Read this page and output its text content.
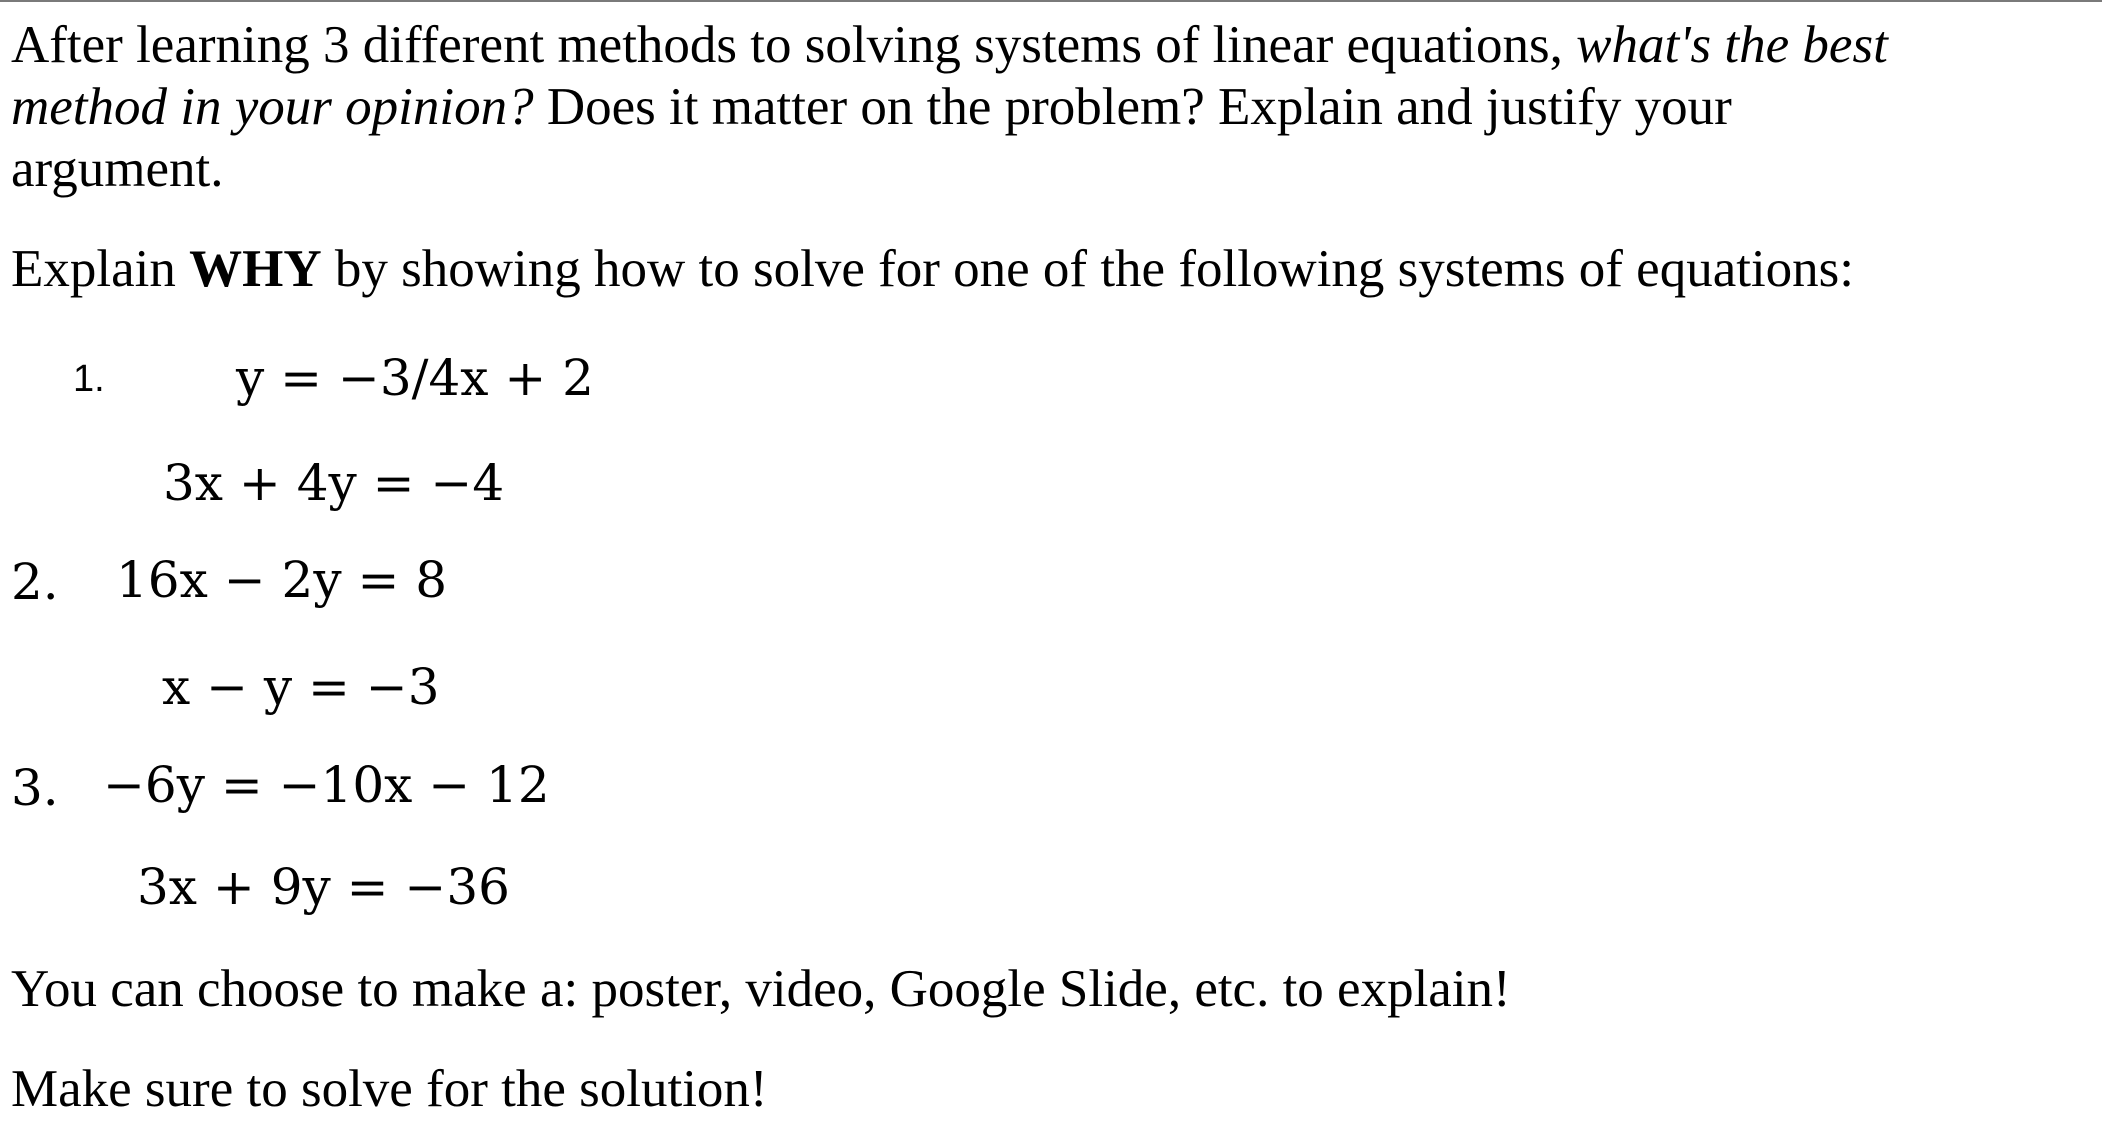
After learning 3 different methods to solving systems of linear equations, what's the best
method in your opinion? Does it matter on the problem? Explain and justify your
argument.
Explain WHY by showing how to solve for one of the following systems of equations:
1.	y = −3/4x + 2
3x + 4y = −4
2. 16x − 2y = 8
x − y = −3
3. −6y = −10x − 12
3x + 9y = −36
You can choose to make a: poster, video, Google Slide, etc. to explain!
Make sure to solve for the solution!
